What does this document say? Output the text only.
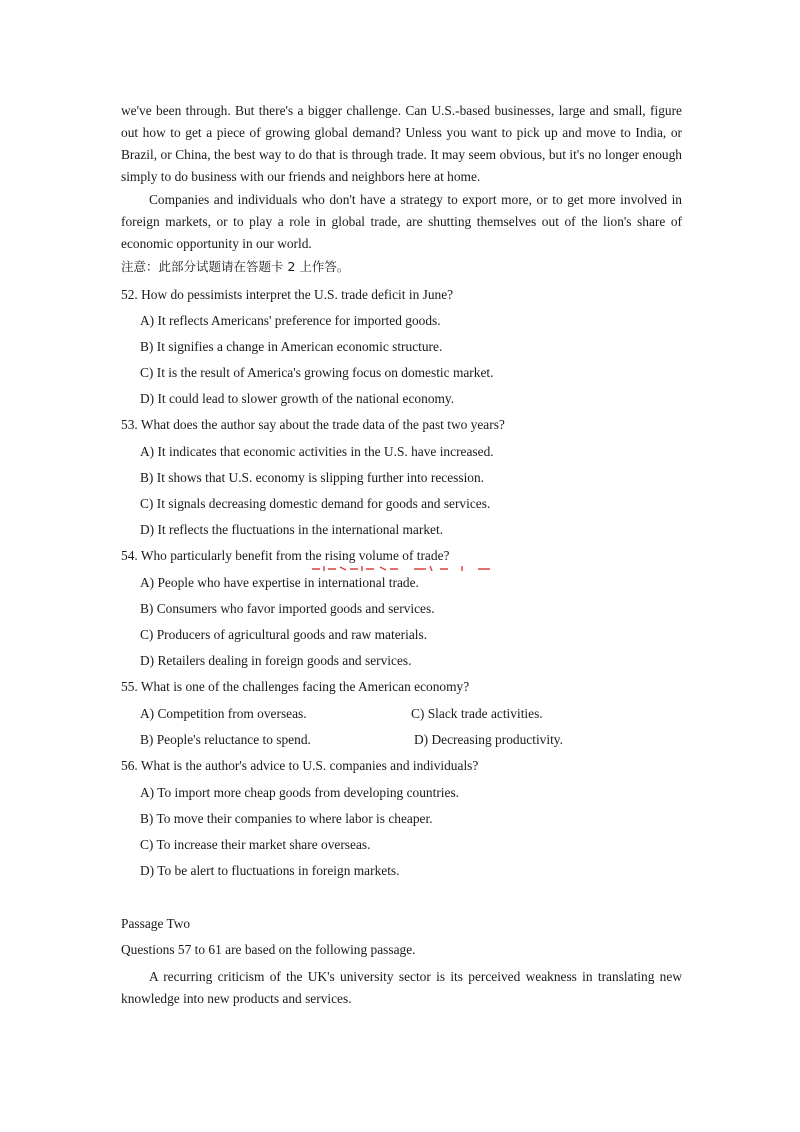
we've been through. But there's a bigger challenge. Can U.S.-based businesses, large and small, figure out how to get a piece of growing global demand? Unless you want to pick up and move to India, or Brazil, or China, the best way to do that is through trade. It may seem obvious, but it's no longer enough simply to do business with our friends and neighbors here at home.

Companies and individuals who don't have a strategy to export more, or to get more involved in foreign markets, or to play a role in global trade, are shutting themselves out of the lion's share of economic opportunity in our world.

注意：此部分试题请在答题卡 2 上作答。
52. How do pessimists interpret the U.S. trade deficit in June?
A) It reflects Americans' preference for imported goods.
B) It signifies a change in American economic structure.
C) It is the result of America's growing focus on domestic market.
D) It could lead to slower growth of the national economy.
53. What does the author say about the trade data of the past two years?
A) It indicates that economic activities in the U.S. have increased.
B) It shows that U.S. economy is slipping further into recession.
C) It signals decreasing domestic demand for goods and services.
D) It reflects the fluctuations in the international market.
54. Who particularly benefit from the rising volume of trade?
A) People who have expertise in international trade.
B) Consumers who favor imported goods and services.
C) Producers of agricultural goods and raw materials.
D) Retailers dealing in foreign goods and services.
55. What is one of the challenges facing the American economy?
A) Competition from overseas.	C) Slack trade activities.
B) People's reluctance to spend.	D) Decreasing productivity.
56. What is the author's advice to U.S. companies and individuals?
A) To import more cheap goods from developing countries.
B) To move their companies to where labor is cheaper.
C) To increase their market share overseas.
D) To be alert to fluctuations in foreign markets.
Passage Two
Questions 57 to 61 are based on the following passage.

A recurring criticism of the UK's university sector is its perceived weakness in translating new knowledge into new products and services.
